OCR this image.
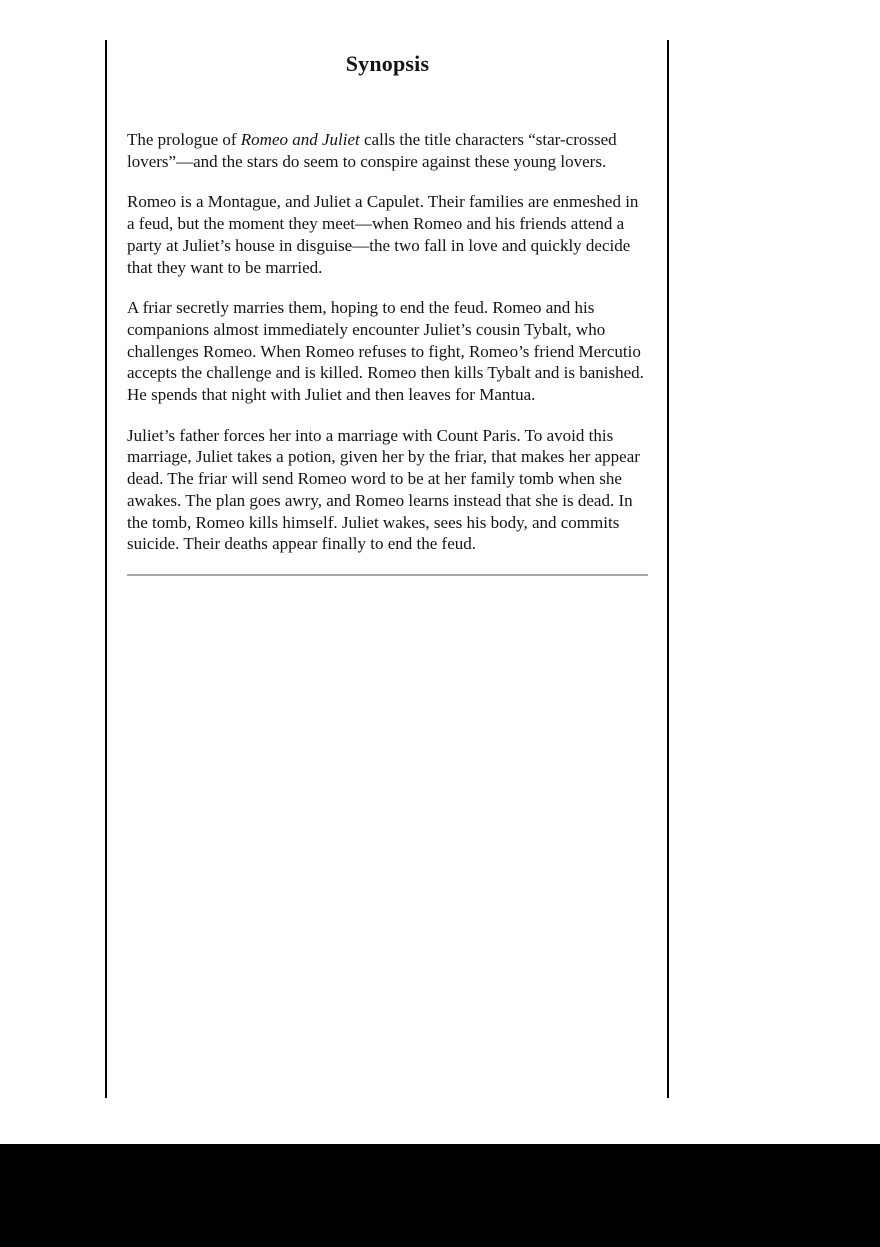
Synopsis

The prologue of Romeo and Juliet calls the title characters “star-crossed lovers”—and the stars do seem to conspire against these young lovers.

Romeo is a Montague, and Juliet a Capulet. Their families are enmeshed in a feud, but the moment they meet—when Romeo and his friends attend a party at Juliet’s house in disguise—the two fall in love and quickly decide that they want to be married.

A friar secretly marries them, hoping to end the feud. Romeo and his companions almost immediately encounter Juliet’s cousin Tybalt, who challenges Romeo. When Romeo refuses to fight, Romeo’s friend Mercutio accepts the challenge and is killed. Romeo then kills Tybalt and is banished. He spends that night with Juliet and then leaves for Mantua.

Juliet’s father forces her into a marriage with Count Paris. To avoid this marriage, Juliet takes a potion, given her by the friar, that makes her appear dead. The friar will send Romeo word to be at her family tomb when she awakes. The plan goes awry, and Romeo learns instead that she is dead. In the tomb, Romeo kills himself. Juliet wakes, sees his body, and commits suicide. Their deaths appear finally to end the feud.
